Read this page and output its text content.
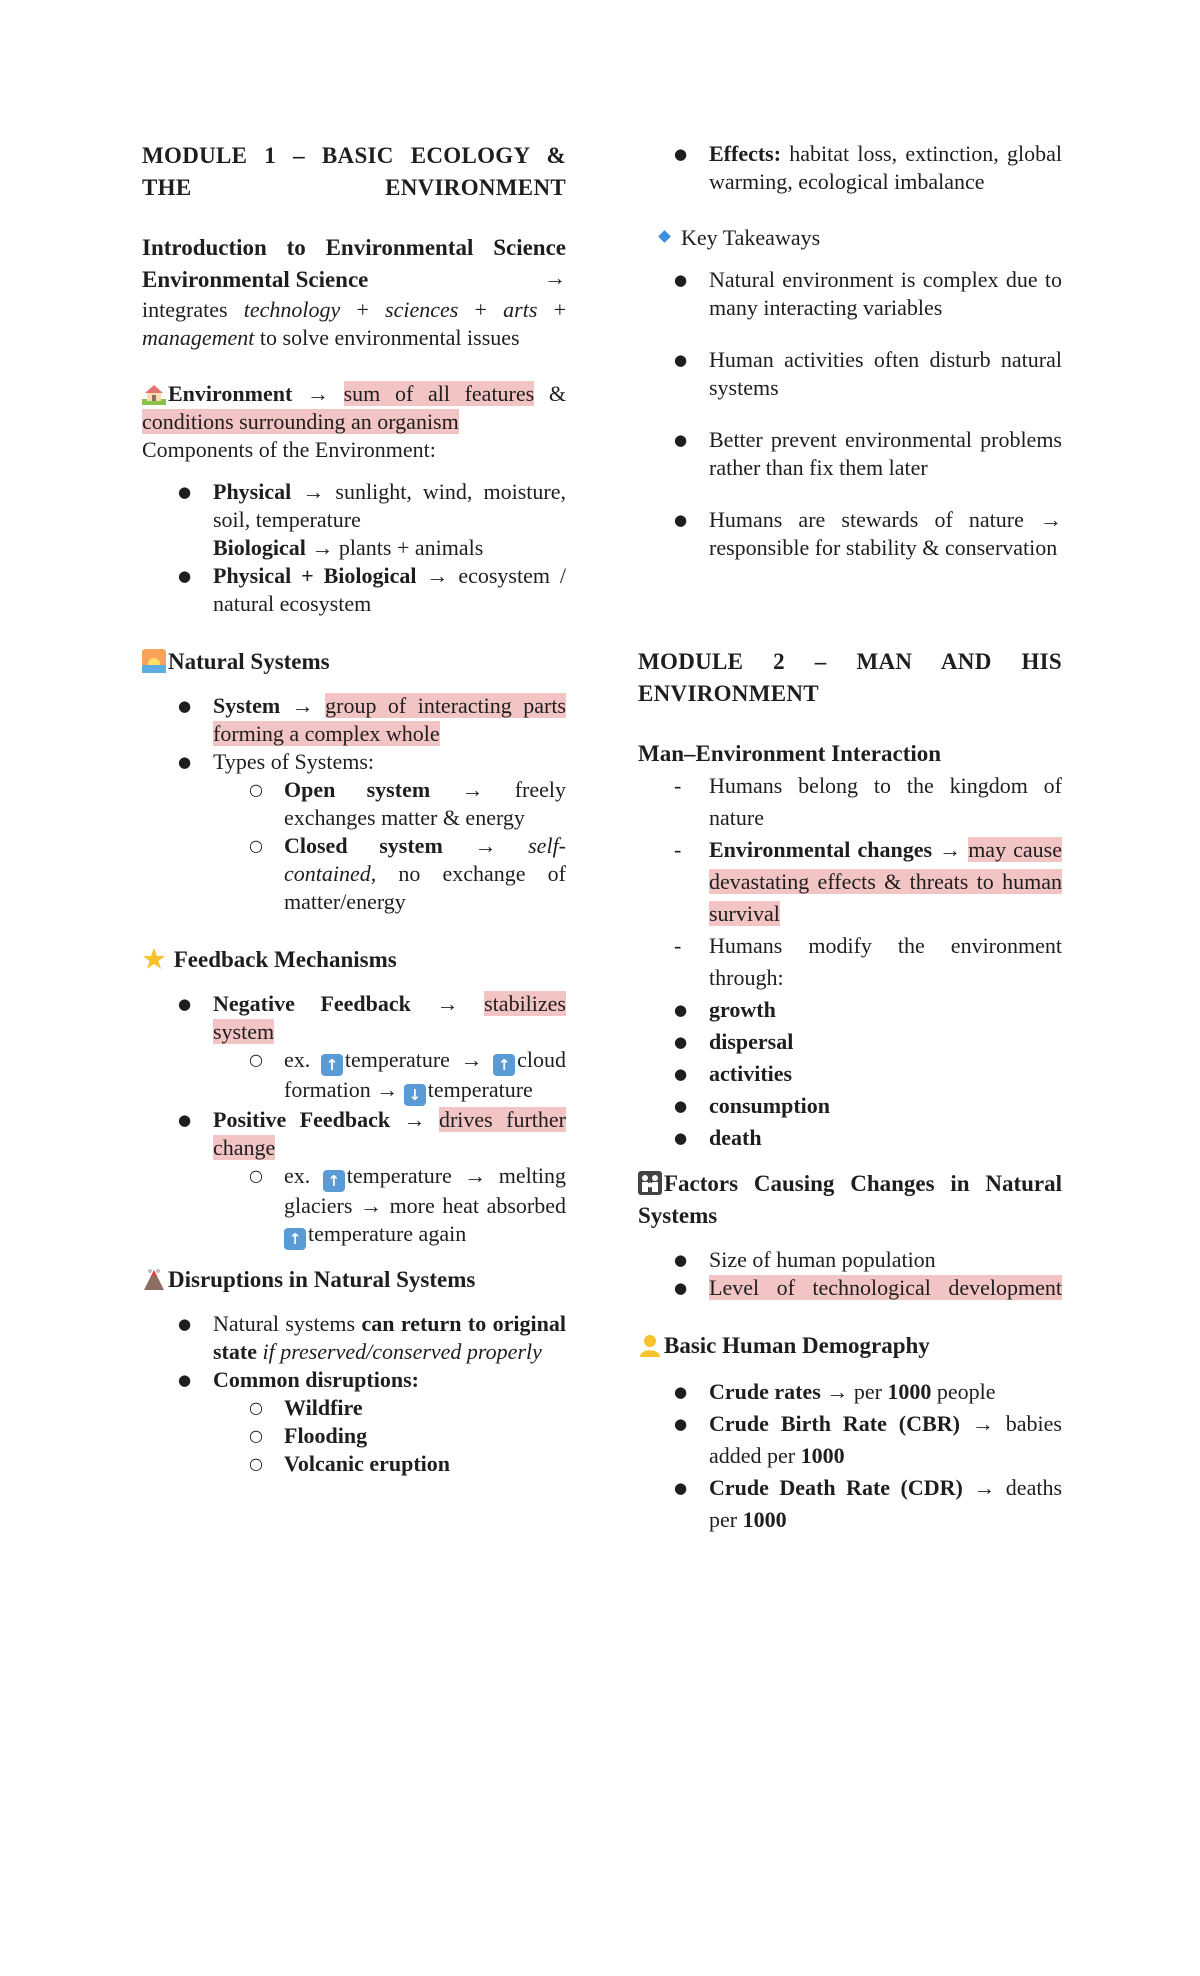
MODULE 1 – BASIC ECOLOGY & THE ENVIRONMENT
Introduction to Environmental Science
Environmental Science	→
integrates technology + sciences + arts + management to solve environmental issues
Environment → sum of all features & conditions surrounding an organism
Components of the Environment:
● Physical → sunlight, wind, moisture, soil, temperature
Biological → plants + animals
● Physical + Biological → ecosystem / natural ecosystem
Natural Systems
● System → group of interacting parts forming a complex whole
● Types of Systems:
○ Open system → freely exchanges matter & energy
○ Closed system → self-contained, no exchange of matter/energy
Feedback Mechanisms
● Negative Feedback → stabilizes system
○ ex. ↑ temperature → ↑ cloud formation → ↓ temperature
● Positive Feedback → drives further change
○ ex. ↑ temperature → melting glaciers → more heat absorbed ↑ temperature again
Disruptions in Natural Systems
● Natural systems can return to original state if preserved/conserved properly
● Common disruptions:
○ Wildfire
○ Flooding
○ Volcanic eruption
● Effects: habitat loss, extinction, global warming, ecological imbalance
Key Takeaways
● Natural environment is complex due to many interacting variables
● Human activities often disturb natural systems
● Better prevent environmental problems rather than fix them later
● Humans are stewards of nature → responsible for stability & conservation
MODULE 2 – MAN AND HIS ENVIRONMENT
Man–Environment Interaction
- Humans belong to the kingdom of nature
- Environmental changes → may cause devastating effects & threats to human survival
- Humans modify the environment through:
● growth
● dispersal
● activities
● consumption
● death
Factors Causing Changes in Natural Systems
● Size of human population
● Level of technological development
Basic Human Demography
● Crude rates → per 1000 people
● Crude Birth Rate (CBR) → babies added per 1000
● Crude Death Rate (CDR) → deaths per 1000
